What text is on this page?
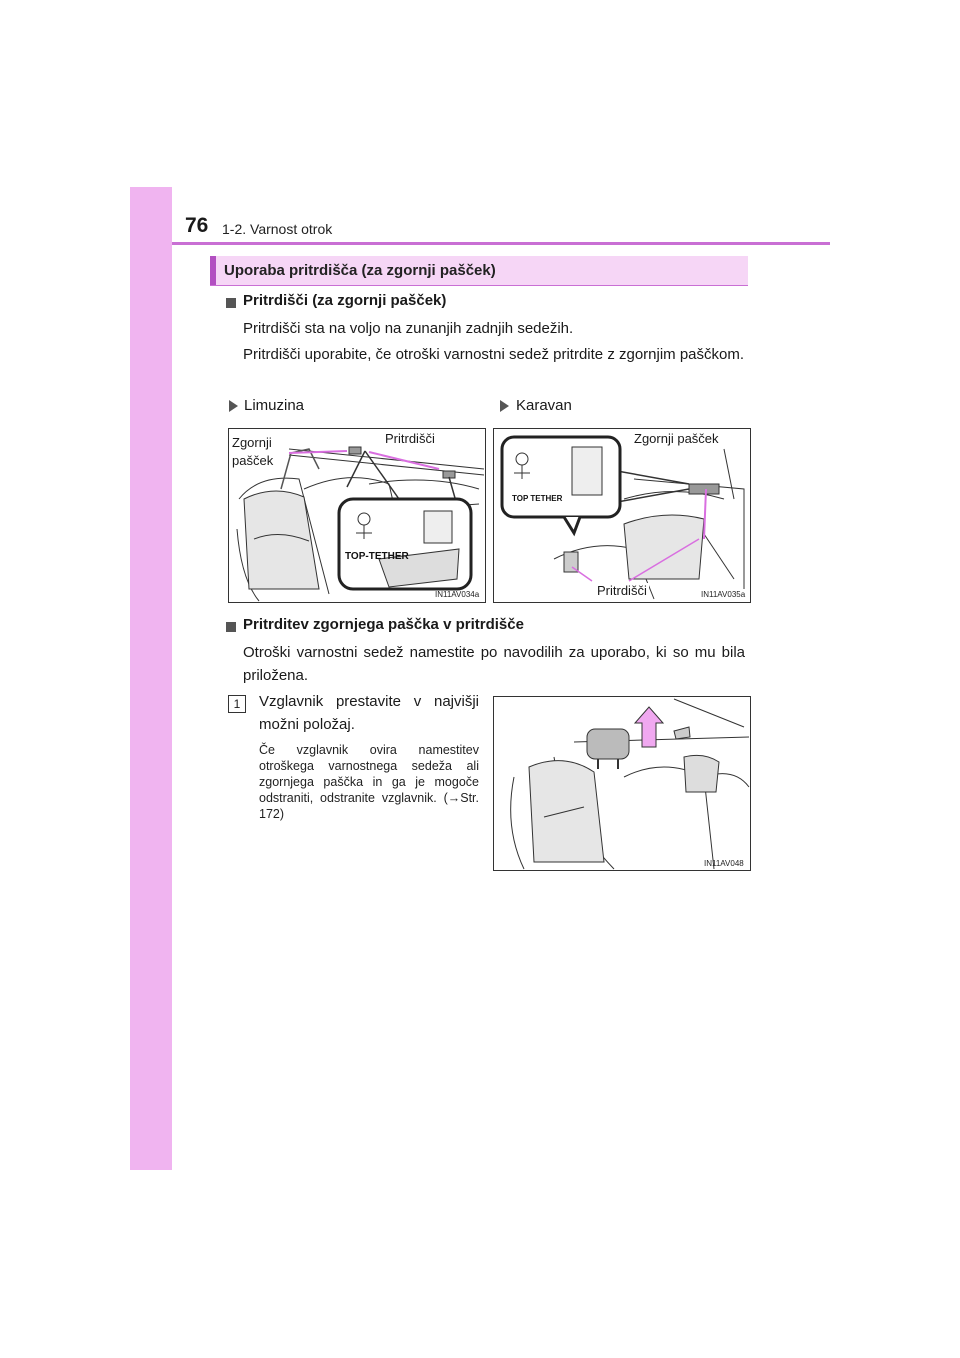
76 1-2. Varnost otrok
Uporaba pritrdišča (za zgornji pašček)
Pritrdišči (za zgornji pašček)
Pritrdišči sta na voljo na zunanjih zadnjih sedežih.
Pritrdišči uporabite, če otroški varnostni sedež pritrdite z zgornjim paščkom.
Limuzina	Karavan
TOP-TETHER
Zgornji
pašček
Pritrdišči
IN11AV034a
TOP TETHER
Zgornji pašček
Pritrdišči	IN11AV035a
Pritrditev zgornjega paščka v pritrdišče
Otroški varnostni sedež namestite po navodilih za uporabo, ki so mu bila priložena.
1	Vzglavnik prestavite v najvišji možni položaj.
Če vzglavnik ovira namestitev otroškega varnostnega sedeža ali zgornjega paščka in ga je mogoče odstraniti, odstranite vzglavnik. (→Str. 172)
IN11AV048
